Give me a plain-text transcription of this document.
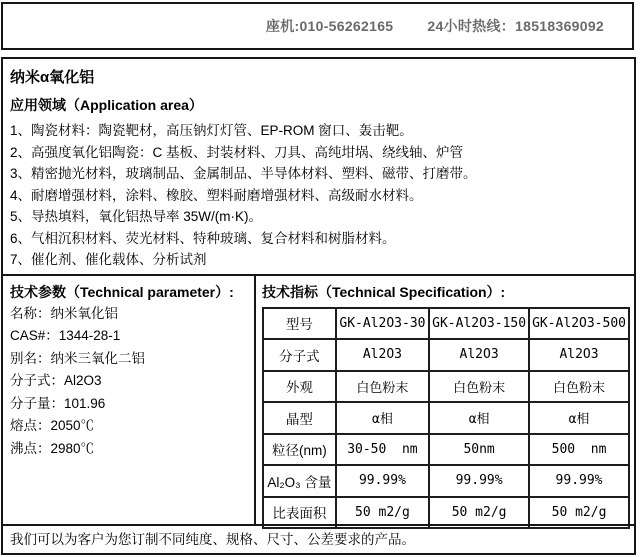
座机:010-56262165 24小时热线：18518369092
纳米α氧化铝
应用领域（Application area）
1、陶瓷材料：陶瓷靶材，高压钠灯灯管、EP-ROM 窗口、轰击靶。
2、高强度氧化铝陶瓷：C 基板、封装材料、刀具、高纯坩埚、绕线轴、炉管
3、精密抛光材料，玻璃制品、金属制品、半导体材料、塑料、磁带、打磨带。
4、耐磨增强材料，涂料、橡胶、塑料耐磨增强材料、高级耐水材料。
5、导热填料，氧化铝热导率 35W/(m·K)。
6、气相沉积材料、荧光材料、特种玻璃、复合材料和树脂材料。
7、催化剂、催化载体、分析试剂
技术参数（Technical parameter）:
名称：纳米氧化铝
CAS#：1344-28-1
别名：纳米三氧化二铝
分子式：Al2O3
分子量：101.96
熔点：2050℃
沸点：2980℃
技术指标（Technical Specification）:
型号	GK-Al2O3-30	GK-Al2O3-150	GK-Al2O3-500
分子式	Al2O3	Al2O3	Al2O3
外观	白色粉末	白色粉末	白色粉末
晶型	α相	α相	α相
粒径(nm)	30-50  nm	50nm	500  nm
Al₂O₃ 含量	99.99%	99.99%	99.99%
比表面积	50 m2/g	50 m2/g	50 m2/g
我们可以为客户为您订制不同纯度、规格、尺寸、公差要求的产品。
